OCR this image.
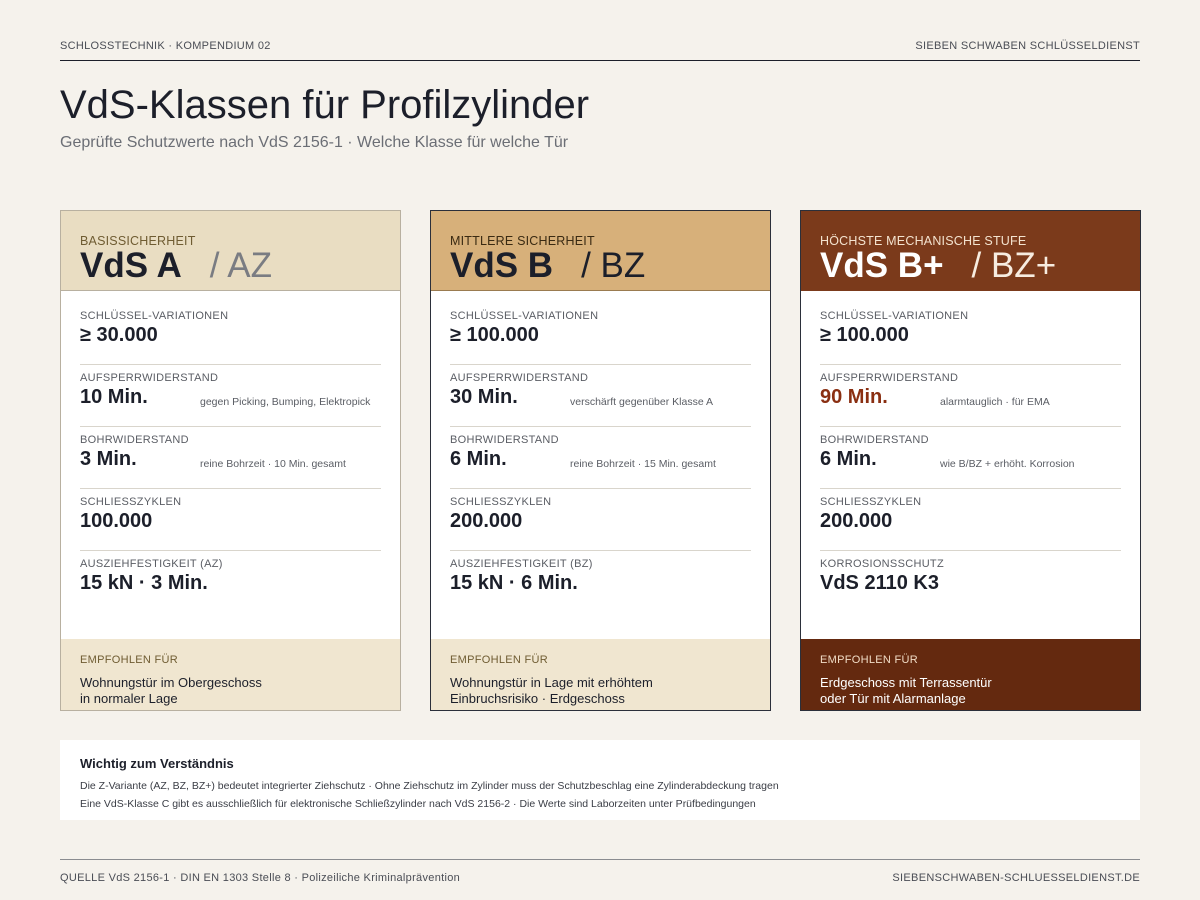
SCHLOSSTECHNIK · KOMPENDIUM 02	SIEBEN SCHWABEN SCHLÜSSELDIENST
VdS-Klassen für Profilzylinder
Geprüfte Schutzwerte nach VdS 2156-1 · Welche Klasse für welche Tür
BASISSICHERHEIT
VdS A / AZ
SCHLÜSSEL-VARIATIONEN
≥ 30.000
AUFSPERRWIDERSTAND
10 Min.	gegen Picking, Bumping, Elektropick
BOHRWIDERSTAND
3 Min.	reine Bohrzeit · 10 Min. gesamt
SCHLIESSZYKLEN
100.000
AUSZIEHFESTIGKEIT (AZ)
15 kN · 3 Min.
EMPFOHLEN FÜR
Wohnungstür im Obergeschoss
in normaler Lage
MITTLERE SICHERHEIT
VdS B / BZ
SCHLÜSSEL-VARIATIONEN
≥ 100.000
AUFSPERRWIDERSTAND
30 Min.	verschärft gegenüber Klasse A
BOHRWIDERSTAND
6 Min.	reine Bohrzeit · 15 Min. gesamt
SCHLIESSZYKLEN
200.000
AUSZIEHFESTIGKEIT (BZ)
15 kN · 6 Min.
EMPFOHLEN FÜR
Wohnungstür in Lage mit erhöhtem
Einbruchsrisiko · Erdgeschoss
HÖCHSTE MECHANISCHE STUFE
VdS B+ / BZ+
SCHLÜSSEL-VARIATIONEN
≥ 100.000
AUFSPERRWIDERSTAND
90 Min.	alarmtauglich · für EMA
BOHRWIDERSTAND
6 Min.	wie B/BZ + erhöht. Korrosion
SCHLIESSZYKLEN
200.000
KORROSIONSSCHUTZ
VdS 2110 K3
EMPFOHLEN FÜR
Erdgeschoss mit Terrassentür
oder Tür mit Alarmanlage
Wichtig zum Verständnis
Die Z-Variante (AZ, BZ, BZ+) bedeutet integrierter Ziehschutz · Ohne Ziehschutz im Zylinder muss der Schutzbeschlag eine Zylinderabdeckung tragen
Eine VdS-Klasse C gibt es ausschließlich für elektronische Schließzylinder nach VdS 2156-2 · Die Werte sind Laborzeiten unter Prüfbedingungen
QUELLE VdS 2156-1 · DIN EN 1303 Stelle 8 · Polizeiliche Kriminalprävention	SIEBENSCHWABEN-SCHLUESSELDIENST.DE
